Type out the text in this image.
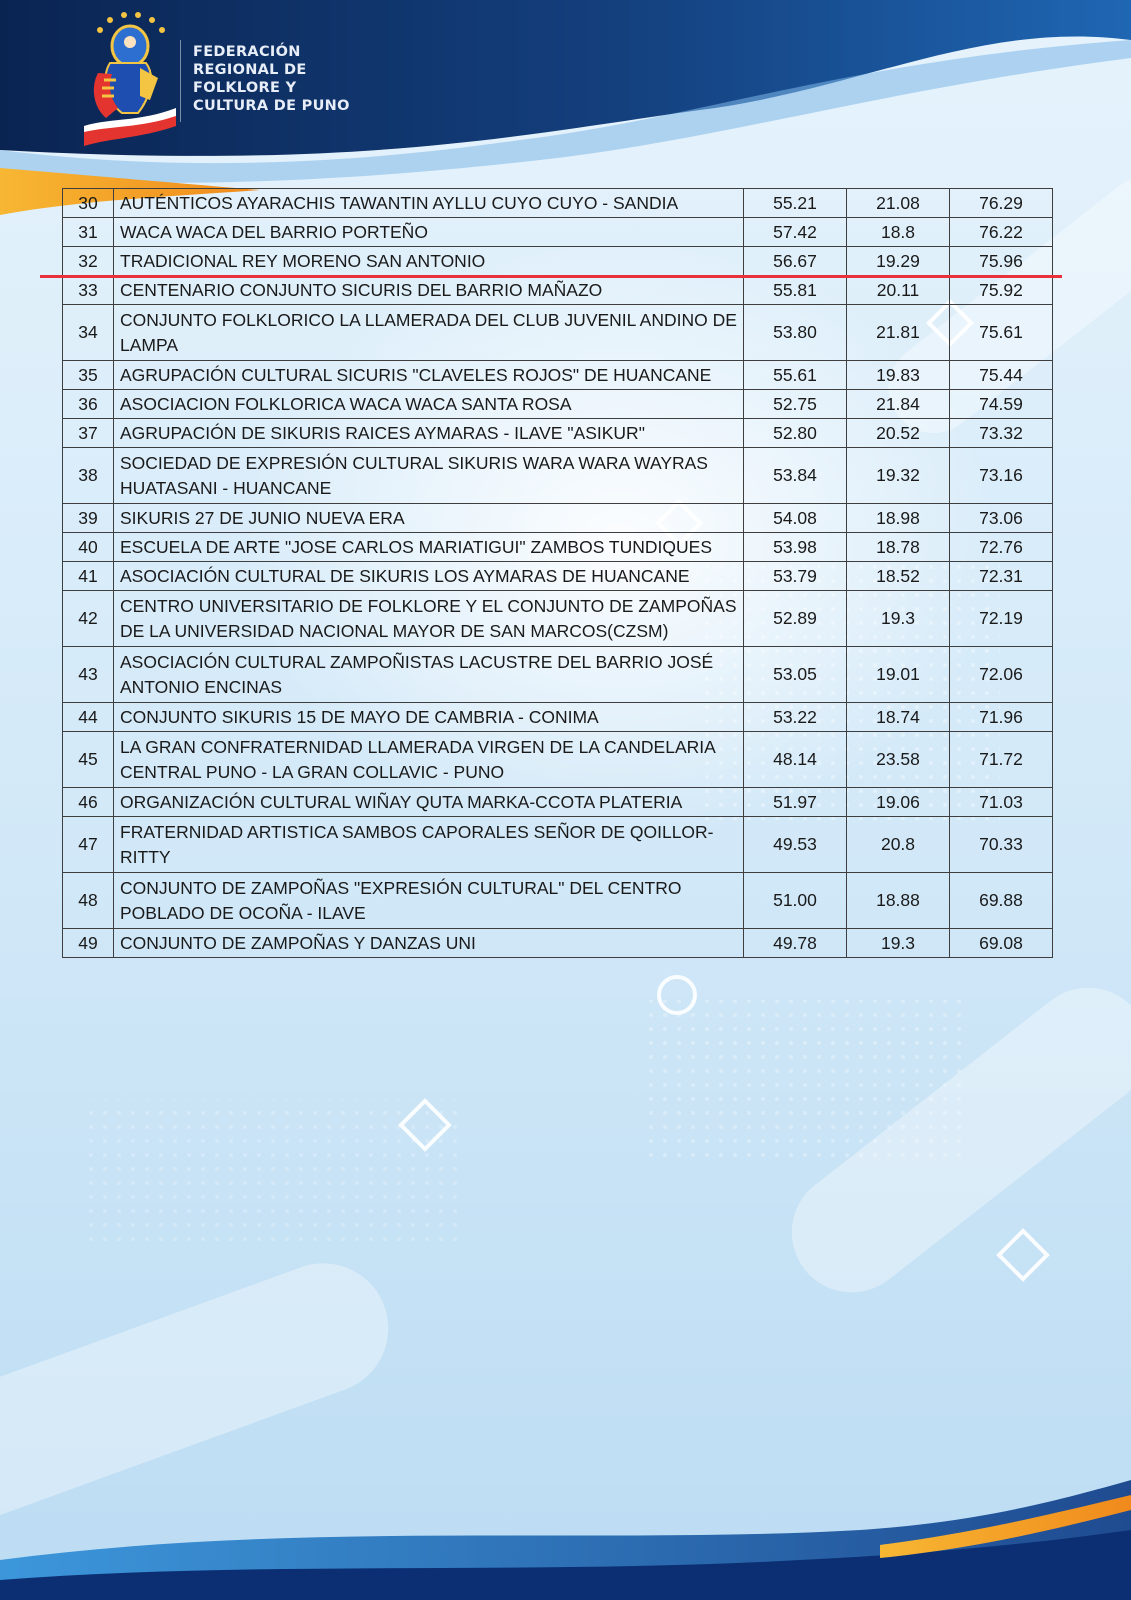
FEDERACIÓN
REGIONAL DE
FOLKLORE Y
CULTURA DE PUNO
30	AUTÉNTICOS AYARACHIS TAWANTIN AYLLU CUYO CUYO - SANDIA	55.21	21.08	76.29
31	WACA WACA DEL BARRIO PORTEÑO	57.42	18.8	76.22
32	TRADICIONAL REY MORENO SAN ANTONIO	56.67	19.29	75.96
33	CENTENARIO CONJUNTO SICURIS DEL BARRIO MAÑAZO	55.81	20.11	75.92
34	CONJUNTO FOLKLORICO LA LLAMERADA DEL CLUB JUVENIL ANDINO DE LAMPA	53.80	21.81	75.61
35	AGRUPACIÓN CULTURAL SICURIS "CLAVELES ROJOS" DE HUANCANE	55.61	19.83	75.44
36	ASOCIACION FOLKLORICA WACA WACA SANTA ROSA	52.75	21.84	74.59
37	AGRUPACIÓN DE SIKURIS RAICES AYMARAS - ILAVE "ASIKUR"	52.80	20.52	73.32
38	SOCIEDAD DE EXPRESIÓN CULTURAL SIKURIS WARA WARA WAYRAS HUATASANI - HUANCANE	53.84	19.32	73.16
39	SIKURIS 27 DE JUNIO NUEVA ERA	54.08	18.98	73.06
40	ESCUELA DE ARTE "JOSE CARLOS MARIATIGUI" ZAMBOS TUNDIQUES	53.98	18.78	72.76
41	ASOCIACIÓN CULTURAL DE SIKURIS LOS AYMARAS DE HUANCANE	53.79	18.52	72.31
42	CENTRO UNIVERSITARIO DE FOLKLORE Y EL CONJUNTO DE ZAMPOÑAS DE LA UNIVERSIDAD NACIONAL MAYOR DE SAN MARCOS(CZSM)	52.89	19.3	72.19
43	ASOCIACIÓN CULTURAL ZAMPOÑISTAS LACUSTRE DEL BARRIO JOSÉ ANTONIO ENCINAS	53.05	19.01	72.06
44	CONJUNTO SIKURIS 15 DE MAYO DE CAMBRIA - CONIMA	53.22	18.74	71.96
45	LA GRAN CONFRATERNIDAD LLAMERADA VIRGEN DE LA CANDELARIA CENTRAL PUNO - LA GRAN COLLAVIC - PUNO	48.14	23.58	71.72
46	ORGANIZACIÓN CULTURAL WIÑAY QUTA MARKA-CCOTA PLATERIA	51.97	19.06	71.03
47	FRATERNIDAD ARTISTICA SAMBOS CAPORALES SEÑOR DE QOILLOR-RITTY	49.53	20.8	70.33
48	CONJUNTO DE ZAMPOÑAS "EXPRESIÓN CULTURAL" DEL CENTRO POBLADO DE OCOÑA - ILAVE	51.00	18.88	69.88
49	CONJUNTO DE ZAMPOÑAS Y DANZAS UNI	49.78	19.3	69.08
